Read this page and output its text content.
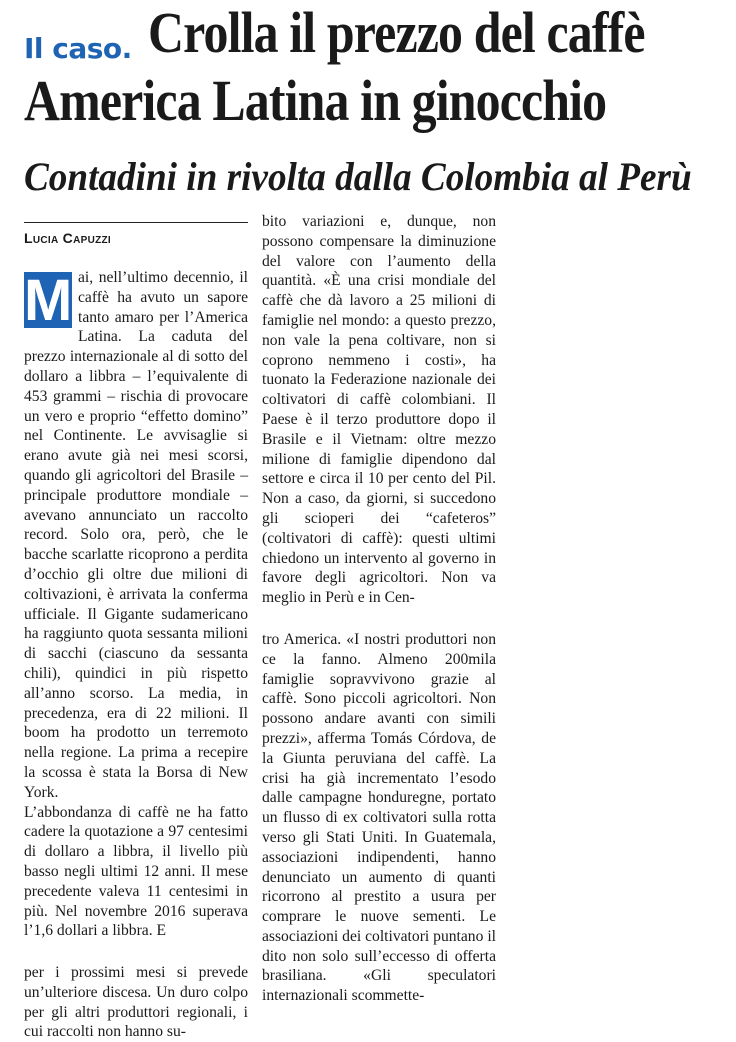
Il caso. Crolla il prezzo del caffè
America Latina in ginocchio
Contadini in rivolta dalla Colombia al Perù
Lucia Capuzzi

M ai, nell’ultimo decennio, il caffè ha avuto un sapore tanto amaro per l’America Latina. La caduta del prezzo internazionale al di sotto del dollaro a libbra – l’equivalente di 453 grammi – rischia di provocare un vero e proprio “effetto domino” nel Continente. Le avvisaglie si erano avute già nei mesi scorsi, quando gli agricoltori del Brasile – principale produttore mondiale – avevano annunciato un raccolto record. Solo ora, però, che le bacche scarlatte ricoprono a perdita d’occhio gli oltre due milioni di coltivazioni, è arrivata la conferma ufficiale. Il Gigante sudamericano ha raggiunto quota sessanta milioni di sacchi (ciascuno da sessanta chili), quindici in più rispetto all’anno scorso. La media, in precedenza, era di 22 milioni. Il boom ha prodotto un terremoto nella regione. La prima a recepire la scossa è stata la Borsa di New York.

L’abbondanza di caffè ne ha fatto cadere la quotazione a 97 centesimi di dollaro a libbra, il livello più basso negli ultimi 12 anni. Il mese precedente valeva 11 centesimi in più. Nel novembre 2016 superava l’1,6 dollari a libbra. E

per i prossimi mesi si prevede un’ulteriore discesa. Un duro colpo per gli altri produttori regionali, i cui raccolti non hanno su-

bito variazioni e, dunque, non possono compensare la diminuzione del valore con l’aumento della quantità. «È una crisi mondiale del caffè che dà lavoro a 25 milioni di famiglie nel mondo: a questo prezzo, non vale la pena coltivare, non si coprono nemmeno i costi», ha tuonato la Federazione nazionale dei coltivatori di caffè colombiani. Il Paese è il terzo produttore dopo il Brasile e il Vietnam: oltre mezzo milione di famiglie dipendono dal settore e circa il 10 per cento del Pil. Non a caso, da giorni, si succedono gli scioperi dei “cafeteros” (coltivatori di caffè): questi ultimi chiedono un intervento al governo in favore degli agricoltori. Non va meglio in Perù e in Cen-

tro America. «I nostri produttori non ce la fanno. Almeno 200mila famiglie sopravvivono grazie al caffè. Sono piccoli agricoltori. Non possono andare avanti con simili prezzi», afferma Tomás Córdova, de la Giunta peruviana del caffè. La crisi ha già incrementato l’esodo dalle campagne honduregne, portato un flusso di ex coltivatori sulla rotta verso gli Stati Uniti. In Guatemala, associazioni indipendenti, hanno denunciato un aumento di quanti ricorrono al prestito a usura per comprare le nuove sementi. Le associazioni dei coltivatori puntano il dito non solo sull’eccesso di offerta brasiliana. «Gli speculatori internazionali scommette-
